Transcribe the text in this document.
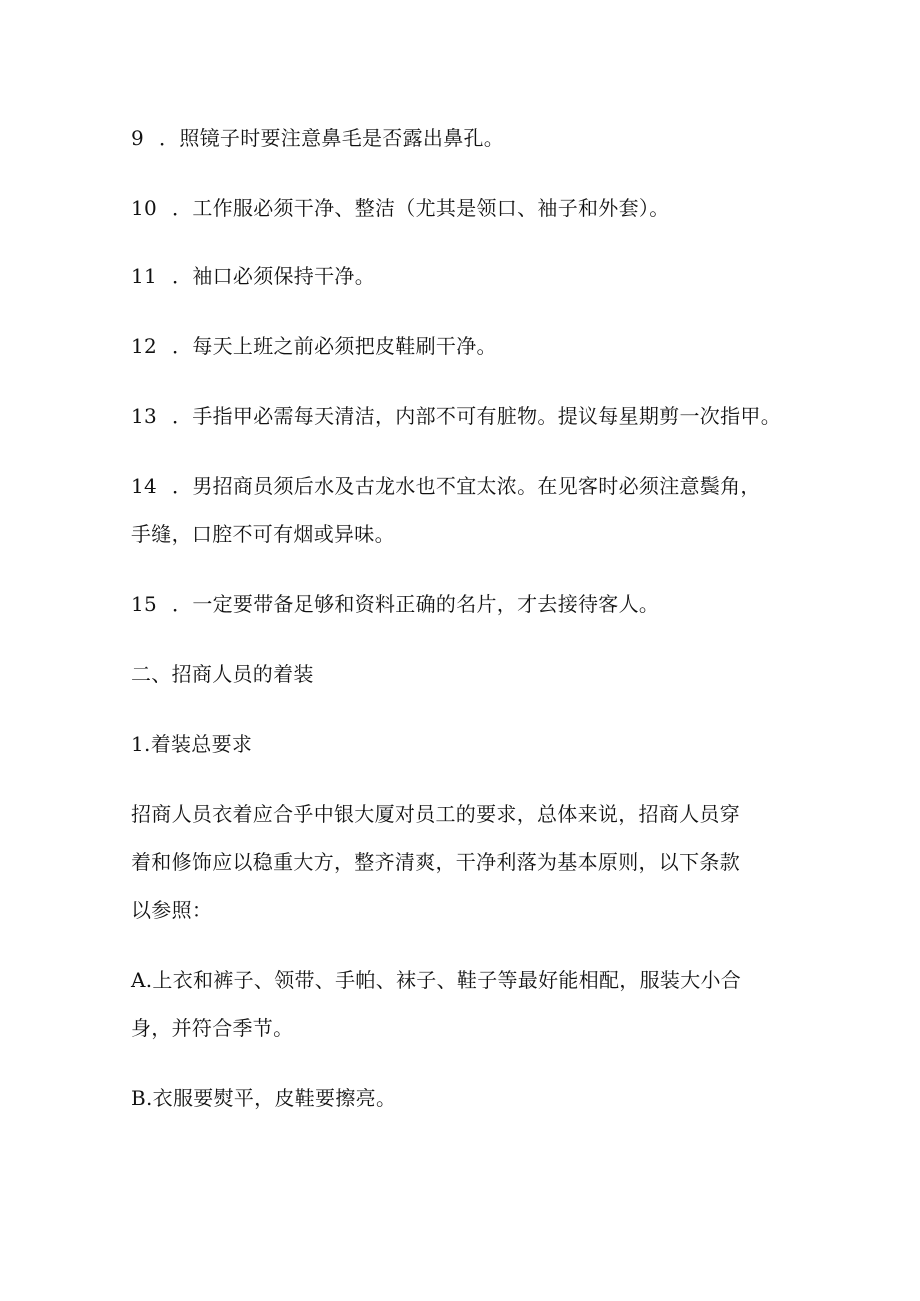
9 ．照镜子时要注意鼻毛是否露出鼻孔。
10 ．工作服必须干净、整洁（尤其是领口、袖子和外套）。
11 ．袖口必须保持干净。
12 ．每天上班之前必须把皮鞋刷干净。
13 ．手指甲必需每天清洁，内部不可有脏物。提议每星期剪一次指甲。
14 ．男招商员须后水及古龙水也不宜太浓。在见客时必须注意鬓角，
手缝，口腔不可有烟或异味。
15 ．一定要带备足够和资料正确的名片，才去接待客人。
二、招商人员的着装
1.着装总要求
招商人员衣着应合乎中银大厦对员工的要求，总体来说，招商人员穿
着和修饰应以稳重大方，整齐清爽，干净利落为基本原则，以下条款
以参照：
A.上衣和裤子、领带、手帕、袜子、鞋子等最好能相配，服装大小合
身，并符合季节。
B.衣服要熨平，皮鞋要擦亮。
